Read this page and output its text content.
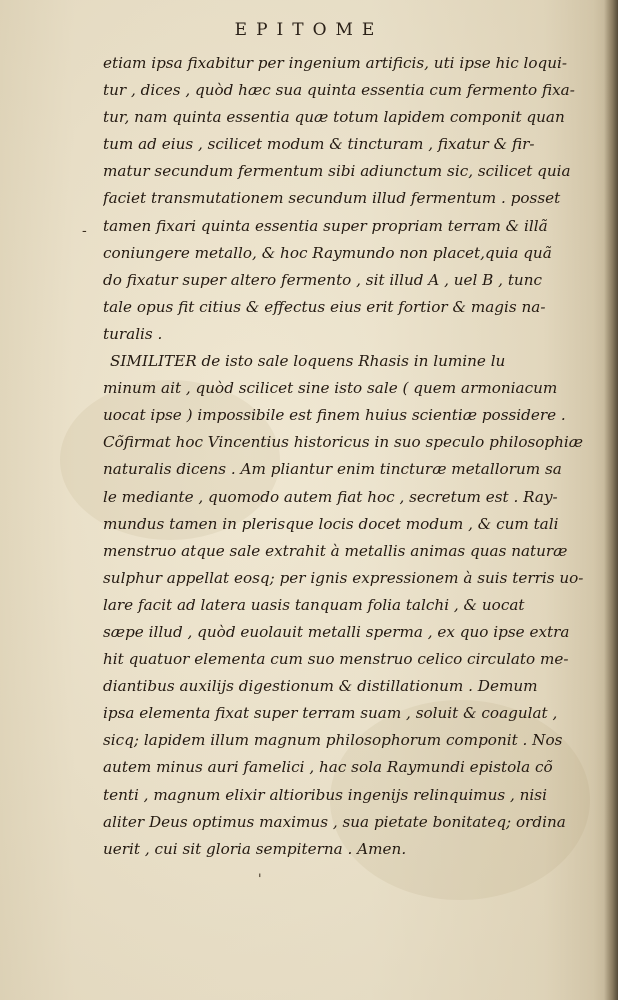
EPITOME
-
etiam ipsa fixabitur per ingenium artificis, uti ipse hic loqui-
tur , dices , quòd hæc sua quinta essentia cum fermento fixa-
tur, nam quinta essentia quæ totum lapidem componit quan
tum ad eius , scilicet modum & tincturam , fixatur & fir-
matur secundum fermentum sibi adiunctum sic, scilicet quia
faciet transmutationem secundum illud fermentum . posset
tamen fixari quinta essentia super propriam terram & illã
coniungere metallo, & hoc Raymundo non placet,quia quã
do fixatur super altero fermento , sit illud A , uel B , tunc
tale opus fit citius & effectus eius erit fortior & magis na-
turalis .
SIMILITER de isto sale loquens Rhasis in lumine lu
minum ait , quòd scilicet sine isto sale ( quem armoniacum
uocat ipse ) impossibile est finem huius scientiæ possidere .
Cõfirmat hoc Vincentius historicus in suo speculo philosophiæ
naturalis dicens . Am pliantur enim tincturæ metallorum sa
le mediante , quomodo autem fiat hoc , secretum est . Ray-
mundus tamen in plerisque locis docet modum , & cum tali
menstruo atque sale extrahit à metallis animas quas naturæ
sulphur appellat eosq; per ignis expressionem à suis terris uo-
lare facit ad latera uasis tanquam folia talchi , & uocat
sæpe illud , quòd euolauit metalli sperma , ex quo ipse extra
hit quatuor elementa cum suo menstruo celico circulato me-
diantibus auxilijs digestionum & distillationum . Demum
ipsa elementa fixat super terram suam , soluit & coagulat ,
sicq; lapidem illum magnum philosophorum componit . Nos
autem minus auri famelici , hac sola Raymundi epistola cõ
tenti , magnum elixir altioribus ingenijs relinquimus , nisi
aliter Deus optimus maximus , sua pietate bonitateq; ordina
uerit , cui sit gloria sempiterna . Amen.
'
